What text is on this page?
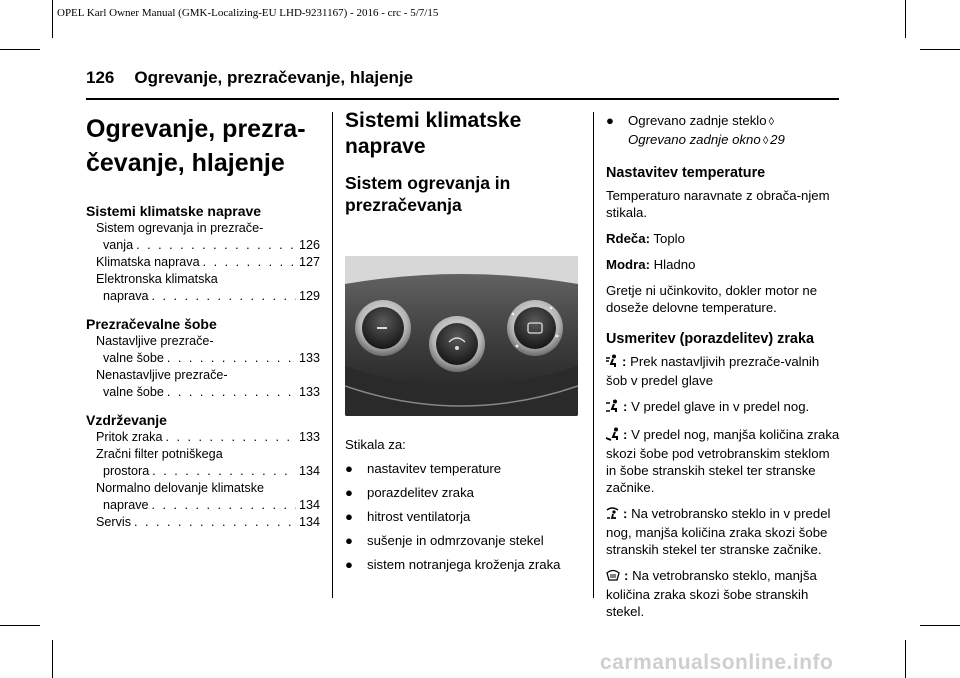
OPEL Karl Owner Manual (GMK-Localizing-EU LHD-9231167) - 2016 - crc - 5/7/15
126 Ogrevanje, prezračevanje, hlajenje
Ogrevanje, prezra-
čevanje, hlajenje
Sistemi klimatske naprave
Sistem ogrevanja in prezrače-
vanja . . .	126
Klimatska naprava . . .	127
Elektronska klimatska
naprava . . .	129
Prezračevalne šobe
Nastavljive prezrače-
valne šobe . . .	133
Nenastavljive prezrače-
valne šobe . . .	133
Vzdrževanje
Pritok zraka . . .	133
Zračni filter potniškega
prostora . . .	134
Normalno delovanje klimatske
naprave . . .	134
Servis . . .	134
Sistemi klimatske
naprave
Sistem ogrevanja in
prezračevanja

Stikala za:

●	nastavitev temperature
●	porazdelitev zraka
●	hitrost ventilatorja
●	sušenje in odmrzovanje stekel
●	sistem notranjega kroženja zraka
●	Ogrevano zadnje steklo ◊
Ogrevano zadnje okno ◊ 29
Nastavitev temperature

Temperaturo naravnate z obrača-njem stikala.

Rdeča: Toplo

Modra: Hladno

Gretje ni učinkovito, dokler motor ne doseže delovne temperature.

Usmeritev (porazdelitev) zraka

: Prek nastavljivih prezrače-valnih šob v predel glave

: V predel glave in v predel nog.

: V predel nog, manjša količina zraka skozi šobe pod vetrobranskim steklom in šobe stranskih stekel ter stranske začnike.

: Na vetrobransko steklo in v predel nog, manjša količina zraka skozi šobe stranskih stekel ter stranske začnike.

: Na vetrobransko steklo, manjša količina zraka skozi šobe stranskih stekel.

carmanualsonline.info
